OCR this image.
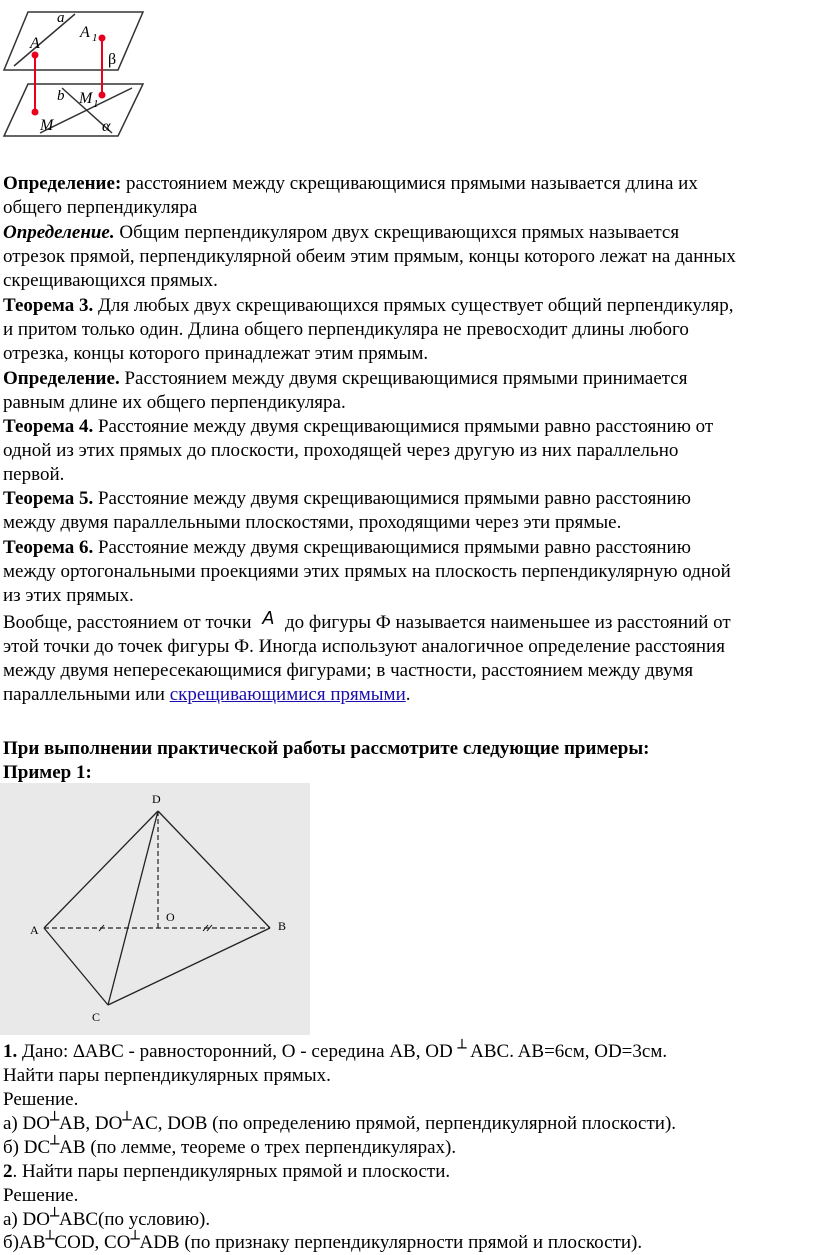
a
A
A 1
β
b M 1
M	α

Определение: расстоянием между скрещивающимися прямыми называется длина их

общего перпендикуляра

Определение. Общим перпендикуляром двух скрещивающихся прямых называется

отрезок прямой, перпендикулярной обеим этим прямым, концы которого лежат на данных

скрещивающихся прямых.

Теорема 3. Для любых двух скрещивающихся прямых существует общий перпендикуляр,

и притом только один. Длина общего перпендикуляра не превосходит длины любого

отрезка, концы которого принадлежат этим прямым.

Определение. Расстоянием между двумя скрещивающимися прямыми принимается

равным длине их общего перпендикуляра.

Теорема 4. Расстояние между двумя скрещивающимися прямыми равно расстоянию от

одной из этих прямых до плоскости, проходящей через другую из них параллельно

первой.

Теорема 5. Расстояние между двумя скрещивающимися прямыми равно расстоянию

между двумя параллельными плоскостями, проходящими через эти прямые.

Теорема 6. Расстояние между двумя скрещивающимися прямыми равно расстоянию

между ортогональными проекциями этих прямых на плоскость перпендикулярную одной

из этих прямых.

Вообще, расстоянием от точки A до фигуры Ф называется наименьшее из расстояний от

этой точки до точек фигуры Ф. Иногда используют аналогичное определение расстояния

между двумя непересекающимися фигурами; в частности, расстоянием между двумя

параллельными или скрещивающимися прямыми.

При выполнении практической работы рассмотрите следующие примеры:

Пример 1:

D
O
A	B
C

1. Дано: ∆АВС - равносторонний, О - середина АВ, OD ┴ ABC. AB=6см, OD=3см.

Найти пары перпендикулярных прямых.

Решение.

а) DO┴AB, DO┴AC, DOB (по определению прямой, перпендикулярной плоскости).

б) DC┴AB (по лемме, теореме о трех перпендикулярах).

2. Найти пары перпендикулярных прямой и плоскости.

Решение.

а) DO┴ABC(по условию).

б)AB┴COD, CO┴ADB (по признаку перпендикулярности прямой и плоскости).
